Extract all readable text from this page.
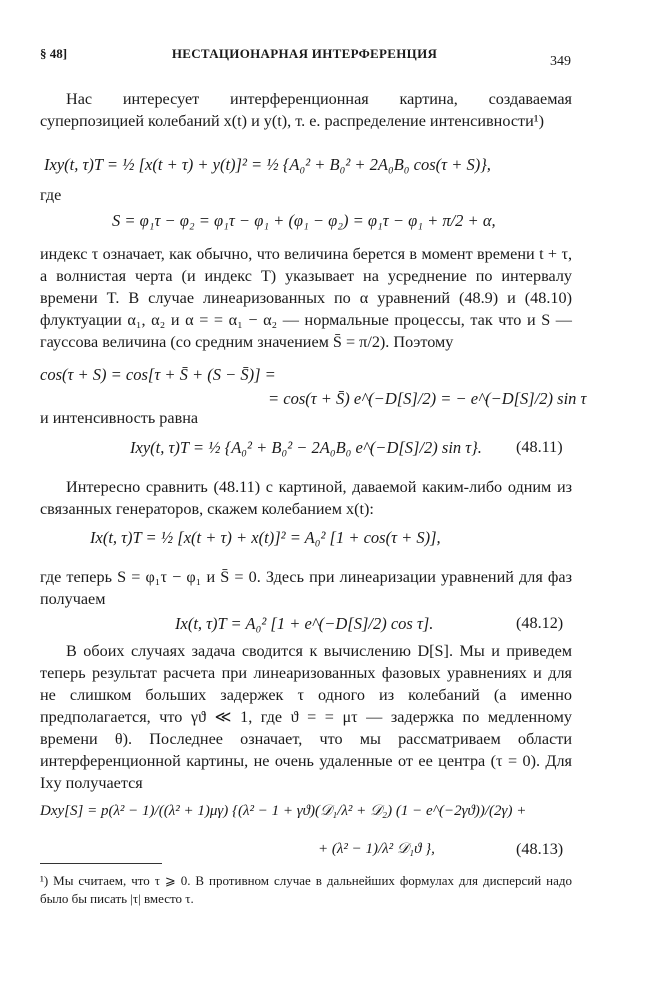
§ 48]	НЕСТАЦИОНАРНАЯ ИНТЕРФЕРЕНЦИЯ
349
Нас интересует интерференционная картина, создаваемая суперпозицией колебаний x(t) и y(t), т. е. распределение интенсивности¹)
Ixy(t, τ)T = ½ [x(t + τ) + y(t)]² = ½ {A₀² + B₀² + 2A₀B₀ cos(τ + S)},
где
S = φ₁τ − φ₂ = φ₁τ − φ₁ + (φ₁ − φ₂) = φ₁τ − φ₁ + π/2 + α,
индекс τ означает, как обычно, что величина берется в момент времени t + τ, а волнистая черта (и индекс T) указывает на усреднение по интервалу времени T. В случае линеаризованных по α уравнений (48.9) и (48.10) флуктуации α₁, α₂ и α = = α₁ − α₂ — нормальные процессы, так что и S — гауссова величина (со средним значением S̄ = π/2). Поэтому
cos(τ + S) = cos[τ + S̄ + (S − S̄)] =
= cos(τ + S̄) e^(−D[S]/2) = − e^(−D[S]/2) sin τ
и интенсивность равна
Ixy(t, τ)T = ½ {A₀² + B₀² − 2A₀B₀ e^(−D[S]/2) sin τ}. (48.11)
Интересно сравнить (48.11) с картиной, даваемой каким-либо одним из связанных генераторов, скажем колебанием x(t):
Ix(t, τ)T = ½ [x(t + τ) + x(t)]² = A₀² [1 + cos(τ + S)],
где теперь S = φ₁τ − φ₁ и S̄ = 0. Здесь при линеаризации уравнений для фаз получаем
Ix(t, τ)T = A₀² [1 + e^(−D[S]/2) cos τ].	(48.12)
В обоих случаях задача сводится к вычислению D[S]. Мы и приведем теперь результат расчета при линеаризованных фазовых уравнениях и для не слишком больших задержек τ одного из колебаний (а именно предполагается, что γϑ ≪ 1, где ϑ = = μτ — задержка по медленному времени θ). Последнее означает, что мы рассматриваем области интерференционной картины, не очень удаленные от ее центра (τ = 0). Для Ixy получается
Dxy[S] = p(λ² − 1)/((λ² + 1)μγ) {(λ² − 1 + γϑ)(𝒟₁/λ² + 𝒟₂) (1 − e^(−2γϑ))/(2γ) +
+ (λ² − 1)/λ² 𝒟₁ϑ },	(48.13)
¹) Мы считаем, что τ ⩾ 0. В противном случае в дальнейших формулах для дисперсий надо было бы писать |τ| вместо τ.
